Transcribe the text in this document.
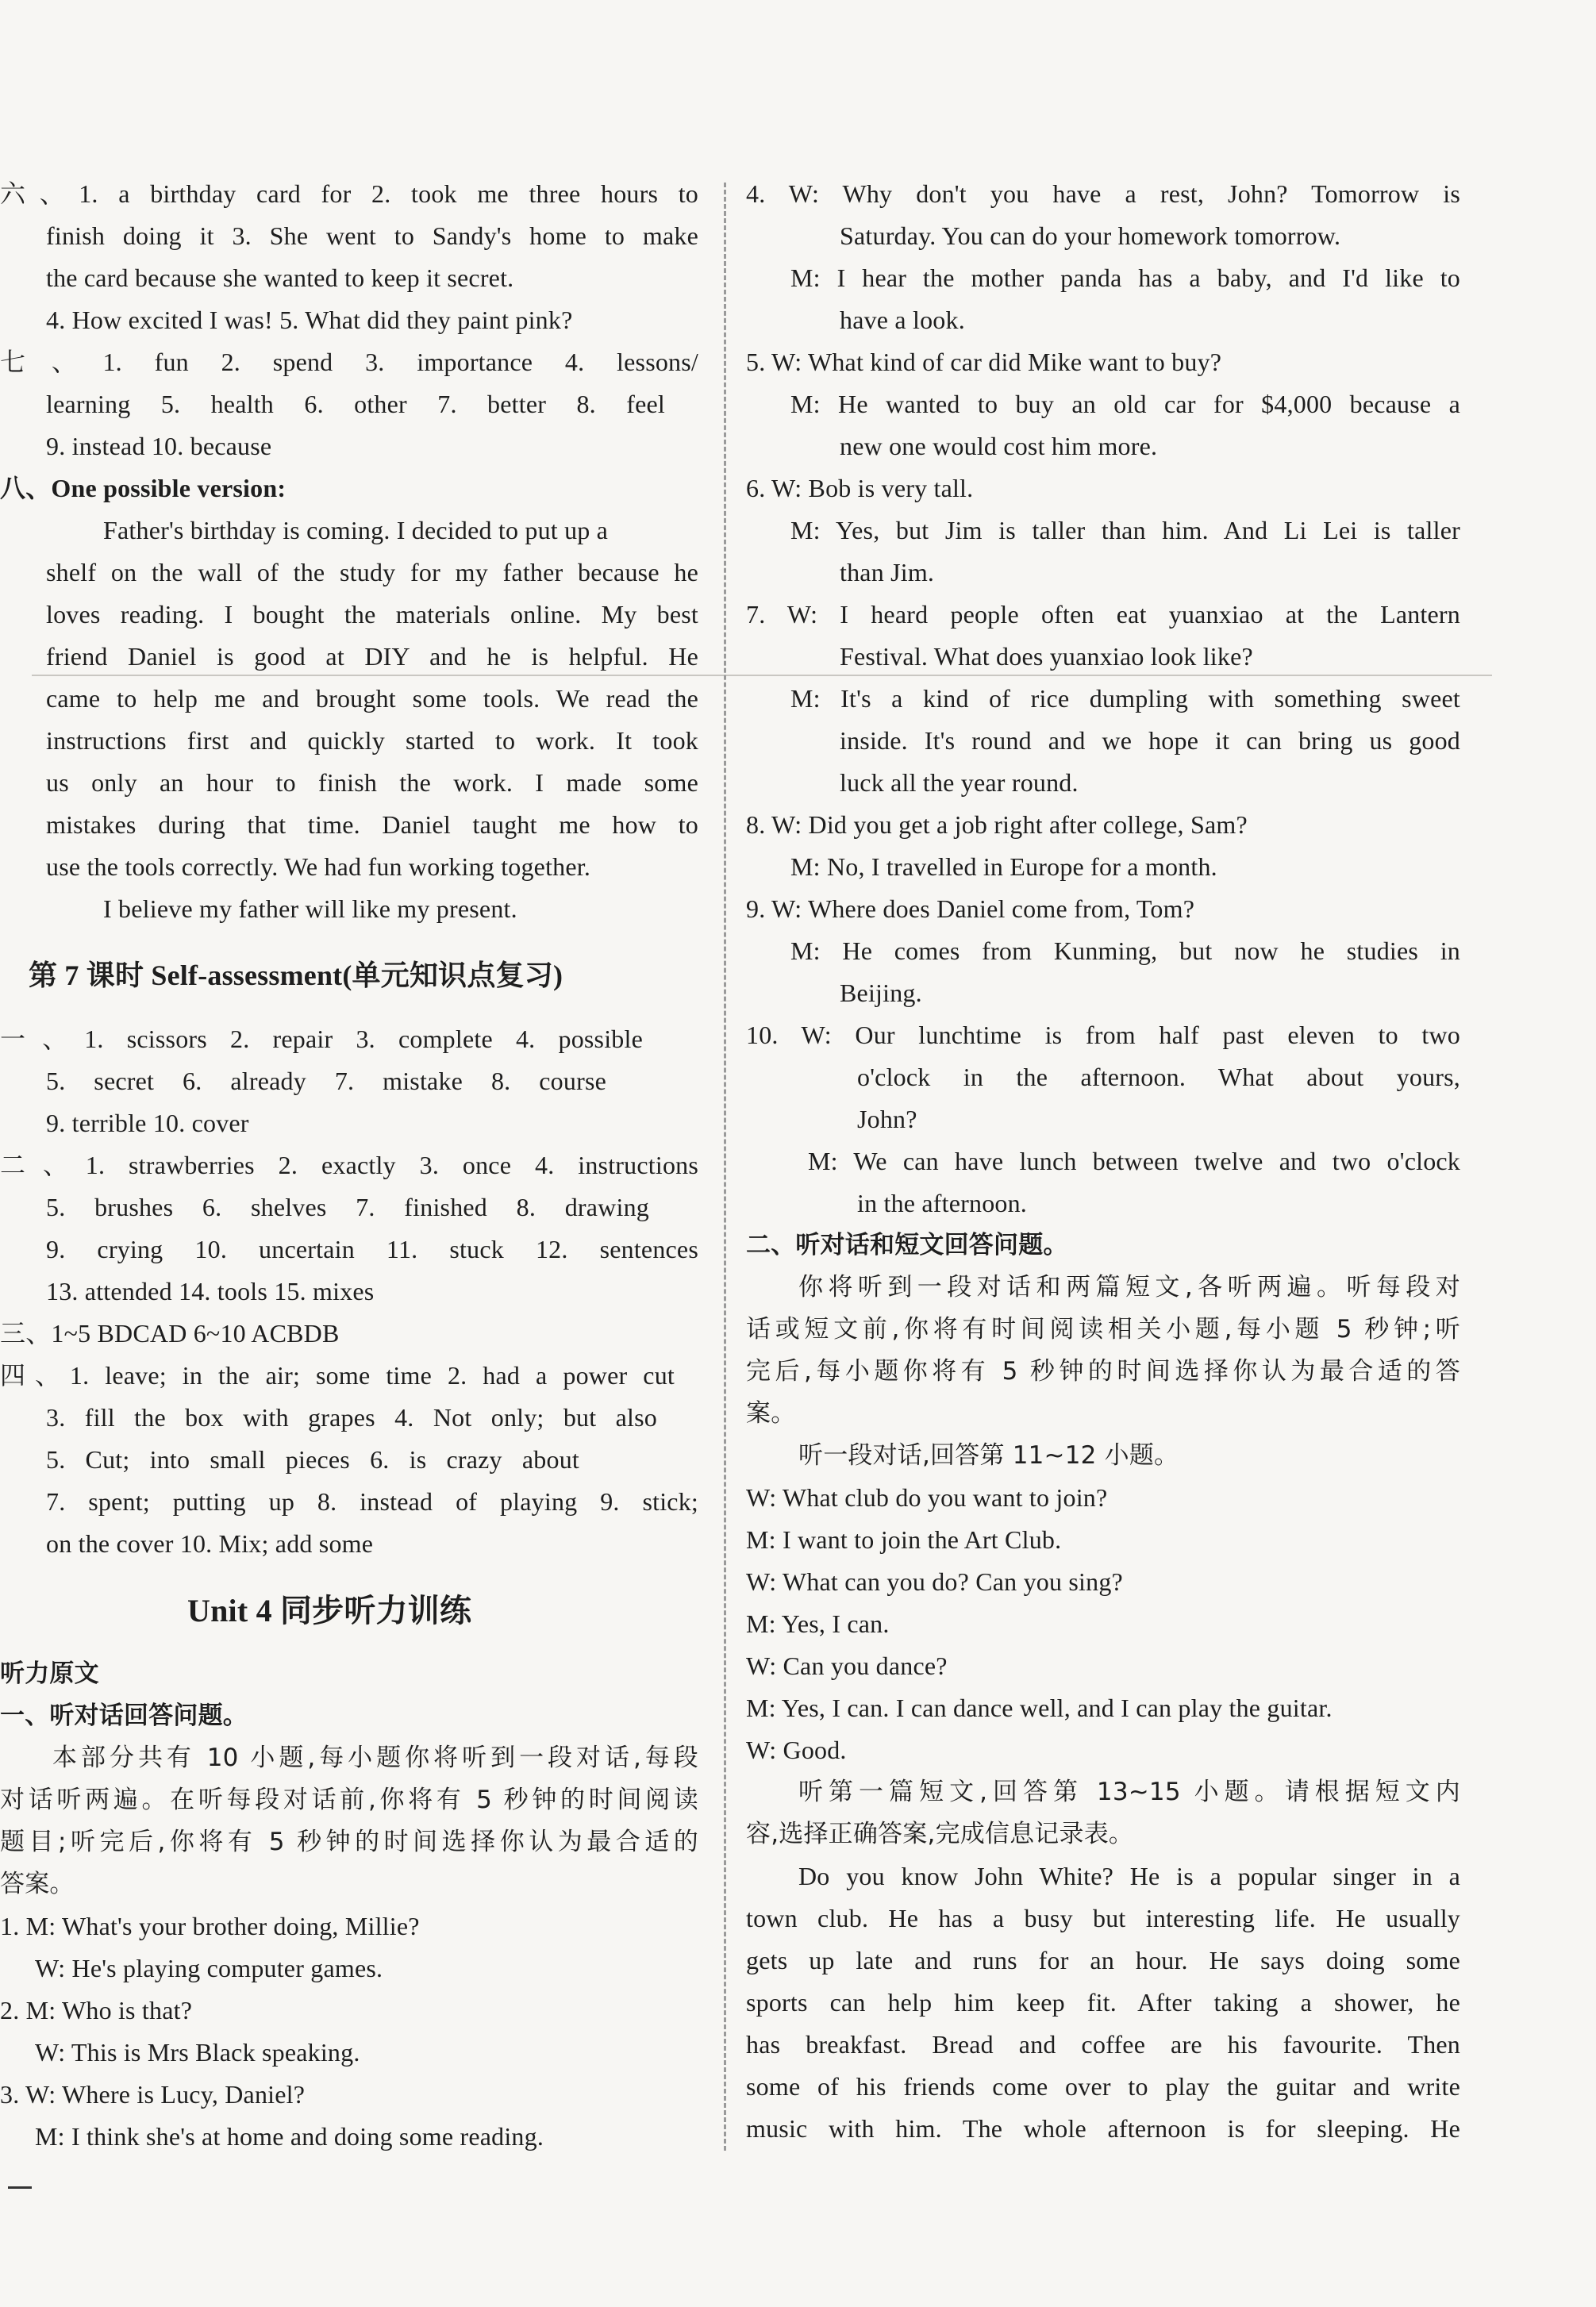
六、1. a birthday card for 2. took me three hours to
finish doing it 3. She went to Sandy's home to make
the card because she wanted to keep it secret.
4. How excited I was! 5. What did they paint pink?
七、1. fun 2. spend 3. importance 4. lessons/
learning 5. health 6. other 7. better 8. feel
9. instead 10. because
八、One possible version:
Father's birthday is coming. I decided to put up a
shelf on the wall of the study for my father because he
loves reading. I bought the materials online. My best
friend Daniel is good at DIY and he is helpful. He
came to help me and brought some tools. We read the
instructions first and quickly started to work. It took
us only an hour to finish the work. I made some
mistakes during that time. Daniel taught me how to
use the tools correctly. We had fun working together.
I believe my father will like my present.
第 7 课时 Self-assessment(单元知识点复习)
一、1. scissors 2. repair 3. complete 4. possible
5. secret 6. already 7. mistake 8. course
9. terrible 10. cover
二、1. strawberries 2. exactly 3. once 4. instructions
5. brushes 6. shelves 7. finished 8. drawing
9. crying 10. uncertain 11. stuck 12. sentences
13. attended 14. tools 15. mixes
三、1~5 BDCAD 6~10 ACBDB
四、1. leave; in the air; some time 2. had a power cut
3. fill the box with grapes 4. Not only; but also
5. Cut; into small pieces 6. is crazy about
7. spent; putting up 8. instead of playing 9. stick;
on the cover 10. Mix; add some
Unit 4 同步听力训练
听力原文
一、听对话回答问题。
本部分共有 10 小题,每小题你将听到一段对话,每段
对话听两遍。在听每段对话前,你将有 5 秒钟的时间阅读
题目;听完后,你将有 5 秒钟的时间选择你认为最合适的
答案。
1. M: What's your brother doing, Millie?
W: He's playing computer games.
2. M: Who is that?
W: This is Mrs Black speaking.
3. W: Where is Lucy, Daniel?
M: I think she's at home and doing some reading.
4. W: Why don't you have a rest, John? Tomorrow is
Saturday. You can do your homework tomorrow.
M: I hear the mother panda has a baby, and I'd like to
have a look.
5. W: What kind of car did Mike want to buy?
M: He wanted to buy an old car for $4,000 because a
new one would cost him more.
6. W: Bob is very tall.
M: Yes, but Jim is taller than him. And Li Lei is taller
than Jim.
7. W: I heard people often eat yuanxiao at the Lantern
Festival. What does yuanxiao look like?
M: It's a kind of rice dumpling with something sweet
inside. It's round and we hope it can bring us good
luck all the year round.
8. W: Did you get a job right after college, Sam?
M: No, I travelled in Europe for a month.
9. W: Where does Daniel come from, Tom?
M: He comes from Kunming, but now he studies in
Beijing.
10. W: Our lunchtime is from half past eleven to two
o'clock in the afternoon. What about yours,
John?
M: We can have lunch between twelve and two o'clock
in the afternoon.
二、听对话和短文回答问题。
你将听到一段对话和两篇短文,各听两遍。听每段对
话或短文前,你将有时间阅读相关小题,每小题 5 秒钟;听
完后,每小题你将有 5 秒钟的时间选择你认为最合适的答
案。
听一段对话,回答第 11~12 小题。
W: What club do you want to join?
M: I want to join the Art Club.
W: What can you do? Can you sing?
M: Yes, I can.
W: Can you dance?
M: Yes, I can. I can dance well, and I can play the guitar.
W: Good.
听第一篇短文,回答第 13~15 小题。请根据短文内
容,选择正确答案,完成信息记录表。
Do you know John White? He is a popular singer in a
town club. He has a busy but interesting life. He usually
gets up late and runs for an hour. He says doing some
sports can help him keep fit. After taking a shower, he
has breakfast. Bread and coffee are his favourite. Then
some of his friends come over to play the guitar and write
music with him. The whole afternoon is for sleeping. He
